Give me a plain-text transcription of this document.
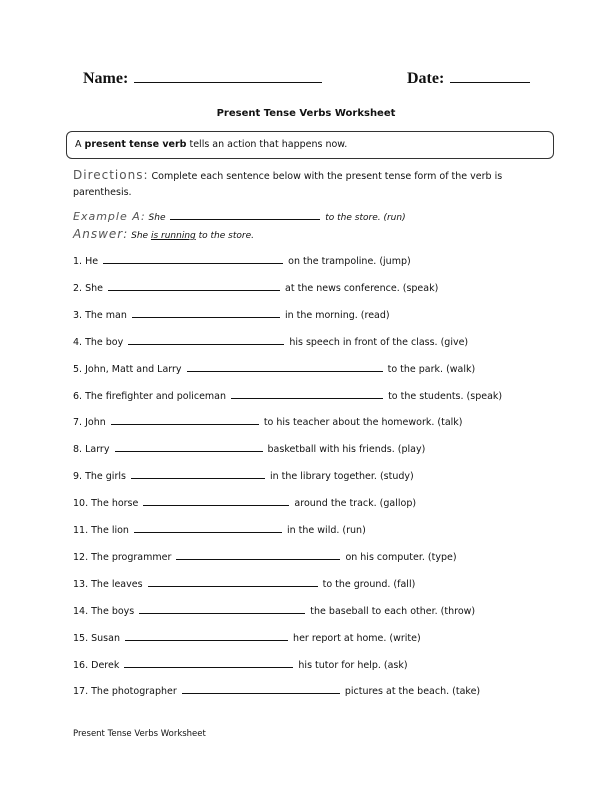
Name:	Date:
Present Tense Verbs Worksheet
A present tense verb tells an action that happens now.
Directions: Complete each sentence below with the present tense form of the verb is parenthesis.
Example A: She	to the store. (run)
Answer: She is running to the store.
1. He	on the trampoline. (jump)
2. She	at the news conference. (speak)
3. The man	in the morning. (read)
4. The boy	his speech in front of the class. (give)
5. John, Matt and Larry	to the park. (walk)
6. The firefighter and policeman	to the students. (speak)
7. John	to his teacher about the homework. (talk)
8. Larry	basketball with his friends. (play)
9. The girls	in the library together. (study)
10. The horse	around the track. (gallop)
11. The lion	in the wild. (run)
12. The programmer	on his computer. (type)
13. The leaves	to the ground. (fall)
14. The boys	the baseball to each other. (throw)
15. Susan	her report at home. (write)
16. Derek	his tutor for help. (ask)
17. The photographer	pictures at the beach. (take)
Present Tense Verbs Worksheet
